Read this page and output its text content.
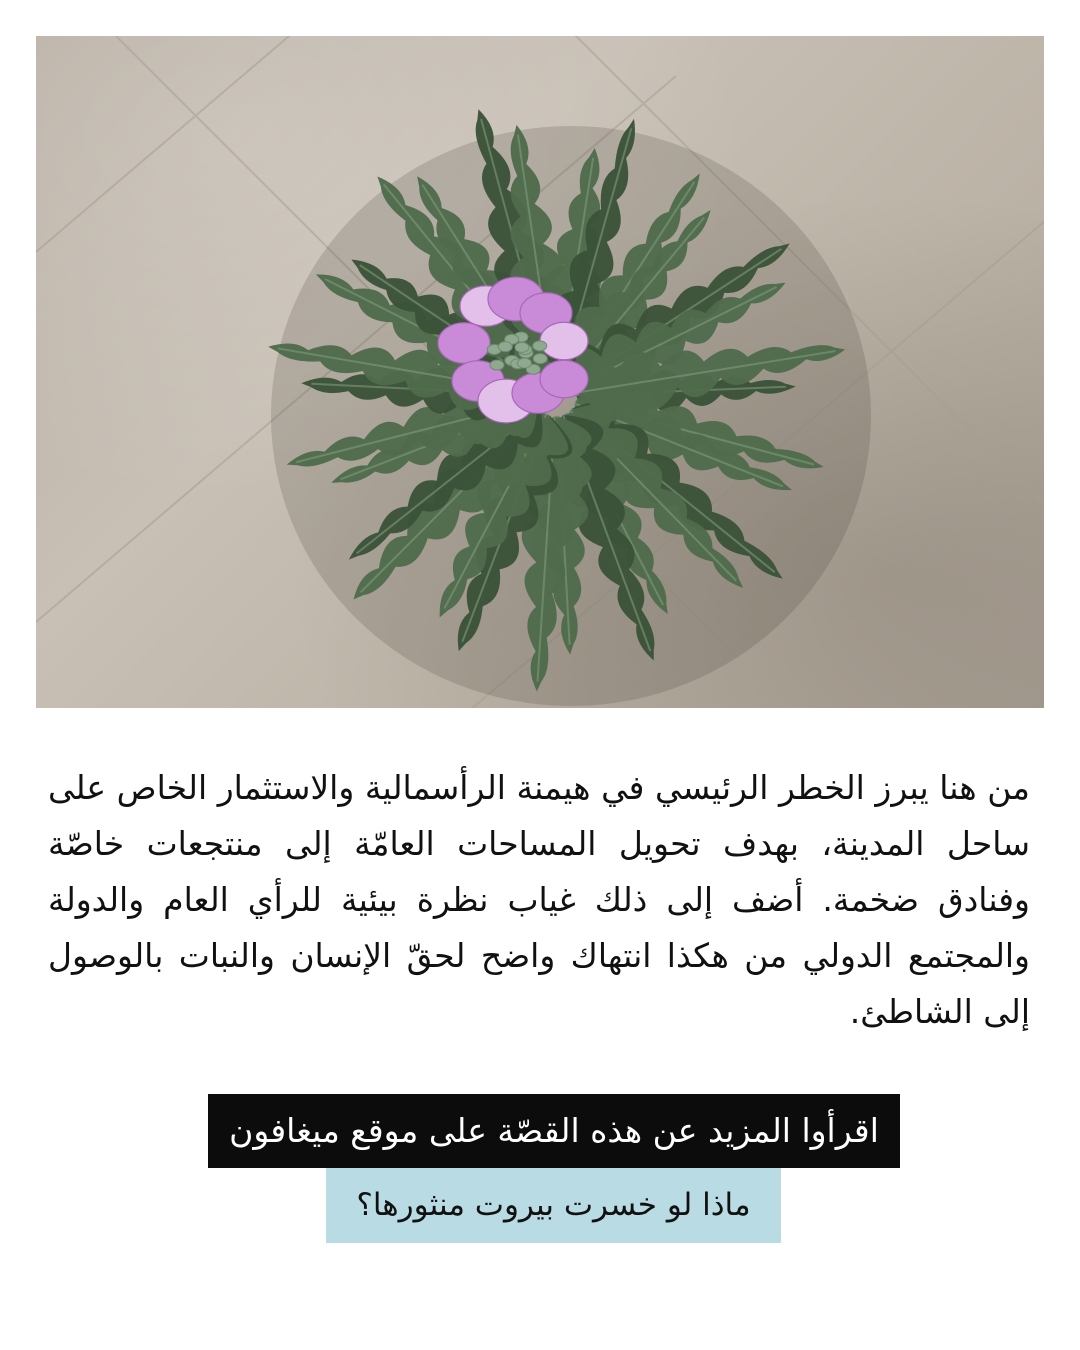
من هنا يبرز الخطر الرئيسي في هيمنة الرأسمالية والاستثمار الخاص على ساحل المدينة، بهدف تحويل المساحات العامّة إلى منتجعات خاصّة وفنادق ضخمة. أضف إلى ذلك غياب نظرة بيئية للرأي العام والدولة والمجتمع الدولي من هكذا انتهاك واضح لحقّ الإنسان والنبات بالوصول إلى الشاطئ.

اقرأوا المزيد عن هذه القصّة على موقع ميغافون
ماذا لو خسرت بيروت منثورها؟
